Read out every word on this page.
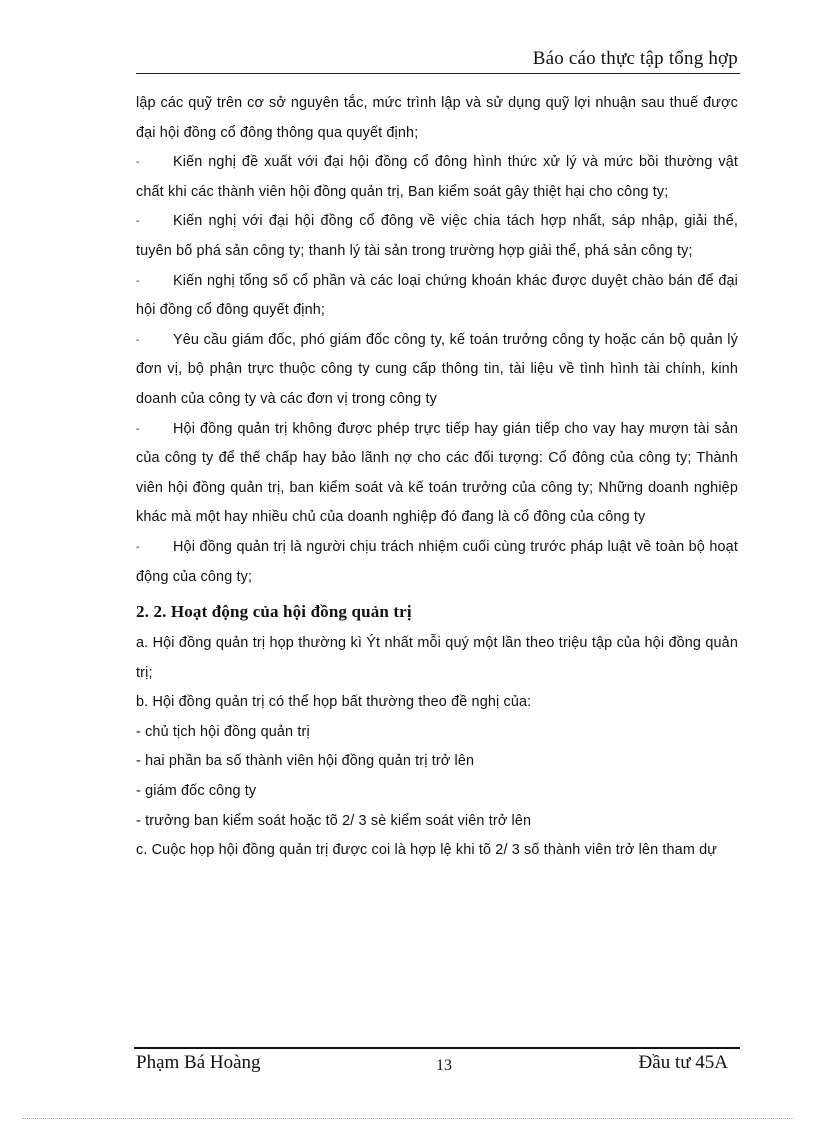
Báo cáo thực tập tổng hợp

lập các quỹ trên cơ sở nguyên tắc, mức trình lập và sử dụng quỹ lợi nhuận sau thuế được đại hội đồng cổ đông thông qua quyết định;

- Kiến nghị đề xuất với đại hội đồng cổ đông hình thức xử lý và mức bồi thường vật chất khi các thành viên hội đồng quản trị, Ban kiểm soát gây thiệt hại cho công ty;

- Kiến nghị với đại hội đồng cổ đông về việc chia tách hợp nhất, sáp nhập, giải thể, tuyên bố phá sản công ty; thanh lý tài sản trong trường hợp giải thể, phá sản công ty;

- Kiến nghị tổng số cổ phần và các loại chứng khoán khác được duyệt chào bán để đại hội đồng cổ đông quyết định;

- Yêu cầu giám đốc, phó giám đốc công ty, kế toán trưởng công ty hoặc cán bộ quản lý đơn vị, bộ phận trực thuộc công ty cung cấp thông tin, tài liệu về tình hình tài chính, kinh doanh của công ty và các đơn vị trong công ty

- Hội đồng quản trị không được phép trực tiếp hay gián tiếp cho vay hay mượn tài sản của công ty để thế chấp hay bảo lãnh nợ cho các đối tượng: Cổ đông của công ty; Thành viên hội đồng quản trị, ban kiểm soát và kế toán trưởng của công ty; Những doanh nghiệp khác mà một hay nhiều chủ của doanh nghiệp đó đang là cổ đông của công ty

- Hội đồng quản trị là người chịu trách nhiệm cuối cùng trước pháp luật về toàn bộ hoạt động của công ty;

2. 2. Hoạt động của hội đồng quản trị

a. Hội đồng quản trị họp thường kì Ýt nhất mỗi quý một lần theo triệu tập của hội đồng quản trị;

b. Hội đồng quản trị có thể họp bất thường theo đề nghị của:

- chủ tịch hội đồng quản trị

- hai phần ba số thành viên hội đồng quản trị trở lên

- giám đốc công ty

- trưởng ban kiểm soát hoặc tõ 2/ 3 sè kiểm soát viên trở lên

c. Cuộc họp hội đồng quản trị được coi là hợp lệ khi tõ 2/ 3 số thành viên trở lên tham dự

Phạm Bá Hoàng	13	Đầu tư 45A
